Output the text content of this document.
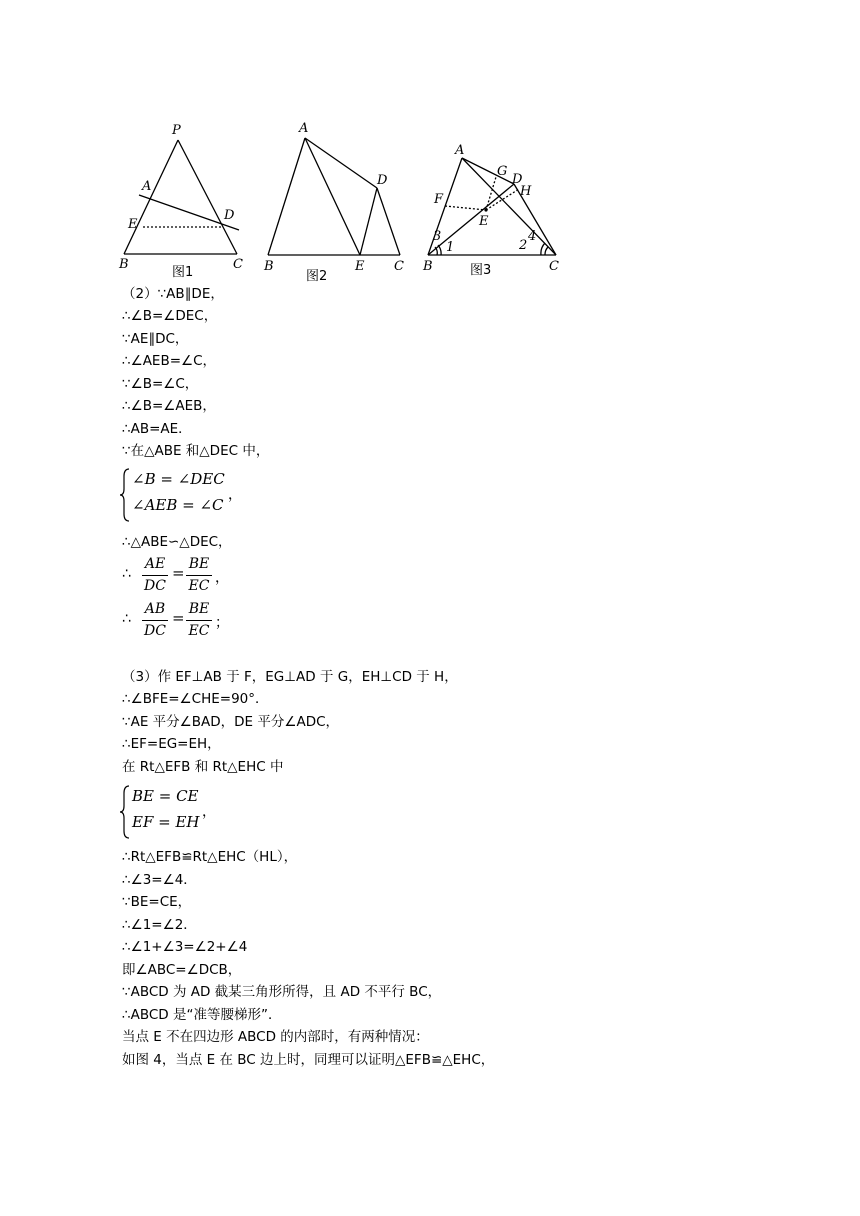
P
A
E
D
B	C
图1
A
D
B	E C
图2
A
G
D
H
F
E
3
1	2
4
B	C
图3
（2）∵AB∥DE，
∴∠B=∠DEC，
∵AE∥DC，
∴∠AEB=∠C，
∵∠B=∠C，
∴∠B=∠AEB，
∴AB=AE．
∵在△ABE 和△DEC 中，
∠B = ∠DEC
∠AEB = ∠C
，
∴△ABE∽△DEC，
∴
AE
DC
= BE
EC ，
∴
AB
DC
= BE
EC ；
（3）作 EF⊥AB 于 F，EG⊥AD 于 G，EH⊥CD 于 H，
∴∠BFE=∠CHE=90°．
∵AE 平分∠BAD，DE 平分∠ADC，
∴EF=EG=EH，
在 Rt△EFB 和 Rt△EHC 中
BE = CE
EF = EH
，
∴Rt△EFB≌Rt△EHC（HL），
∴∠3=∠4．
∵BE=CE，
∴∠1=∠2．
∴∠1+∠3=∠2+∠4
即∠ABC=∠DCB，
∵ABCD 为 AD 截某三角形所得，且 AD 不平行 BC，
∴ABCD 是“准等腰梯形”．
当点 E 不在四边形 ABCD 的内部时，有两种情况：
如图 4，当点 E 在 BC 边上时，同理可以证明△EFB≌△EHC，
